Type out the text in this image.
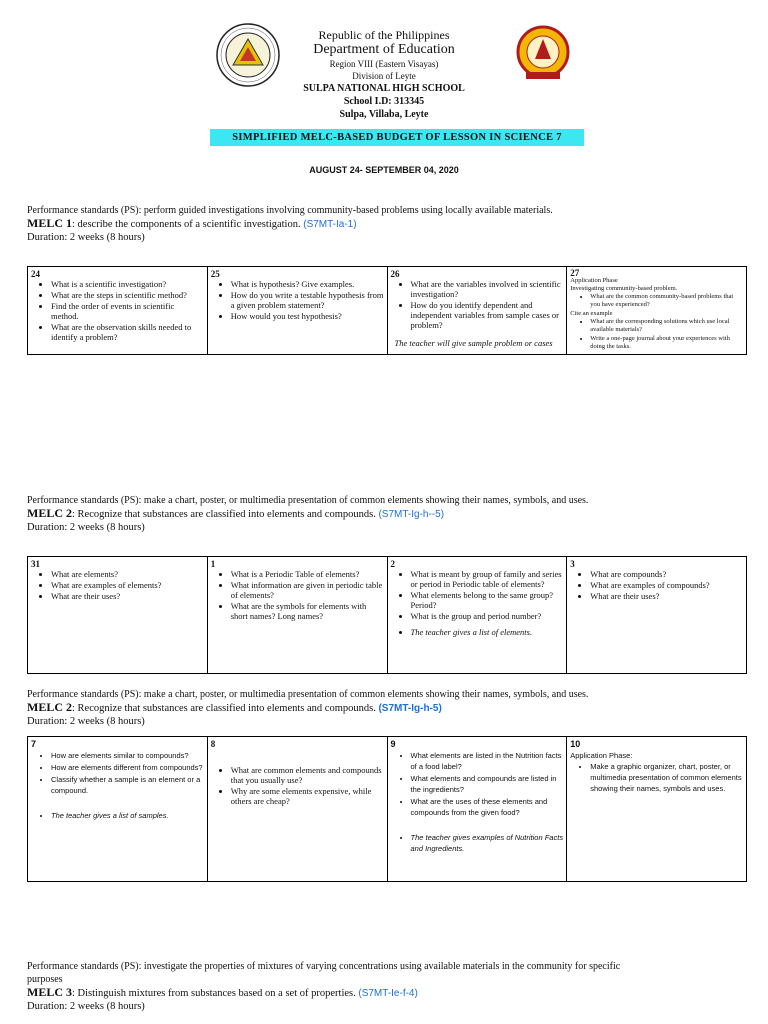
Republic of the Philippines
Department of Education
Region VIII (Eastern Visayas)
Division of Leyte
SULPA NATIONAL HIGH SCHOOL
School I.D: 313345
Sulpa, Villaba, Leyte
SIMPLIFIED MELC-BASED BUDGET OF LESSON IN SCIENCE 7
AUGUST 24- SEPTEMBER 04, 2020
Performance standards (PS): perform guided investigations involving community-based problems using locally available materials.
MELC 1: describe the components of a scientific investigation. (S7MT-Ia-1)
Duration: 2 weeks (8 hours)
24
• What is a scientific investigation?
• What are the steps in scientific method?
• Find the order of events in scientific method.
• What are the observation skills needed to identify a problem?

25
• What is hypothesis? Give examples.
• How do you write a testable hypothesis from a given problem statement?
• How would you test hypothesis?

26
• What are the variables involved in scientific investigation?
• How do you identify dependent and independent variables from sample cases or problem?
The teacher will give sample problem or cases

27
Application Phase
Investigating community-based problem.
• What are the common community-based problems that you have experienced?
Cite an example
• What are the corresponding solutions which use local available materials?
• Write a one-page journal about your experiences with doing the tasks.
Performance standards (PS): make a chart, poster, or multimedia presentation of common elements showing their names, symbols, and uses.
MELC 2: Recognize that substances are classified into elements and compounds. (S7MT-Ig-h--5)
Duration: 2 weeks (8 hours)
31
• What are elements?
• What are examples of elements?
• What are their uses?

1
• What is a Periodic Table of elements?
• What information are given in periodic table of elements?
• What are the symbols for elements with short names? Long names?

2
• What is meant by group of family and series or period in Periodic table of elements?
• What elements belong to the same group? Period?
• What is the group and period number?
• The teacher gives a list of elements.

3
• What are compounds?
• What are examples of compounds?
• What are their uses?
Performance standards (PS): make a chart, poster, or multimedia presentation of common elements showing their names, symbols, and uses.
MELC 2: Recognize that substances are classified into elements and compounds. (S7MT-Ig-h-5)
Duration: 2 weeks (8 hours)
7
• How are elements similar to compounds?
• How are elements different from compounds?
• Classify whether a sample is an element or a compound.
• The teacher gives a list of samples.

8
• What are common elements and compounds that you usually use?
• Why are some elements expensive, while others are cheap?

9
• What elements are listed in the Nutrition facts of a food label?
• What elements and compounds are listed in the ingredients?
• What are the uses of these elements and compounds from the given food?
• The teacher gives examples of Nutrition Facts and Ingredients.

10
Application Phase:
• Make a graphic organizer, chart, poster, or multimedia presentation of common elements showing their names, symbols and uses.
Performance standards (PS): investigate the properties of mixtures of varying concentrations using available materials in the community for specific
purposes
MELC 3: Distinguish mixtures from substances based on a set of properties. (S7MT-Ie-f-4)
Duration: 2 weeks (8 hours)
